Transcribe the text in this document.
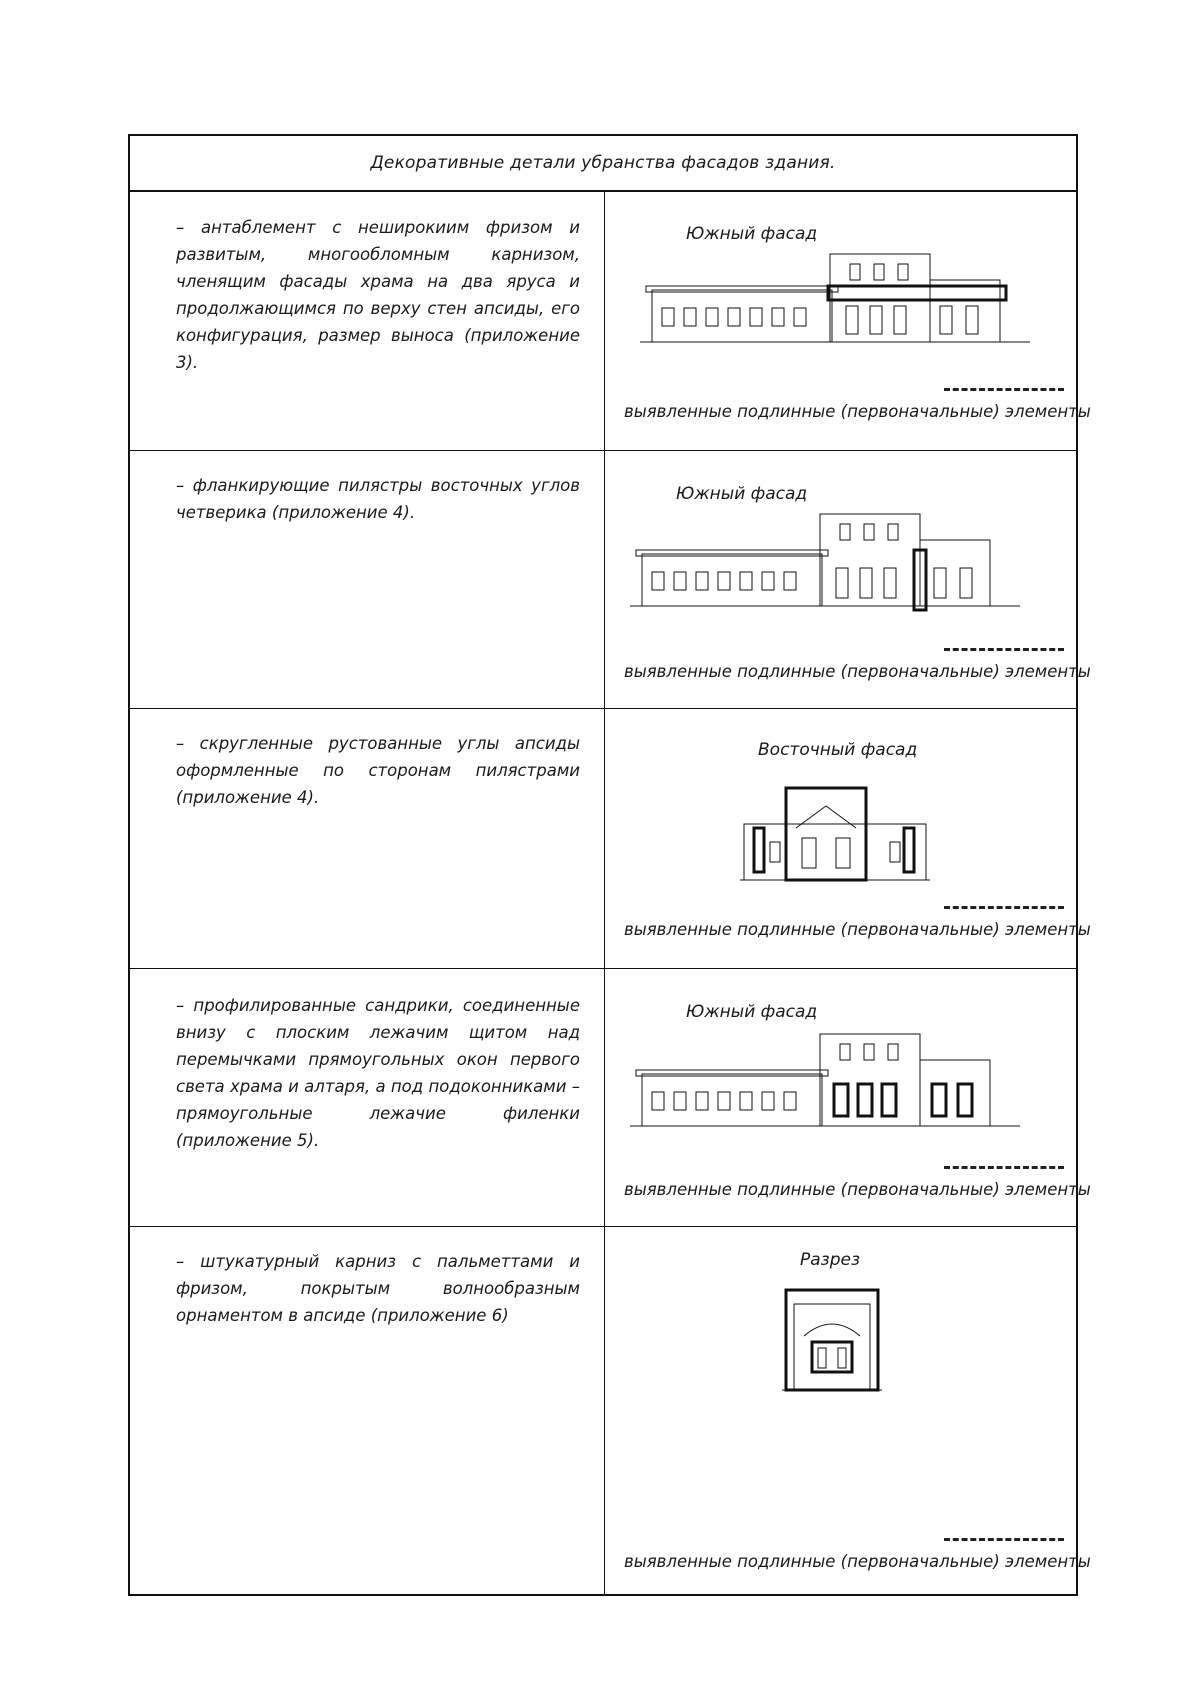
Декоративные детали убранства фасадов здания.
– антаблемент с неширокиим фризом и развитым, многообломным карнизом, членящим фасады храма на два яруса и продолжающимся по верху стен апсиды, его конфигурация, размер выноса (приложение 3).
Южный фасад
выявленные подлинные (первоначальные) элементы
– фланкирующие пилястры восточных углов четверика (приложение 4).
Южный фасад
выявленные подлинные (первоначальные) элементы
– скругленные рустованные углы апсиды оформленные по сторонам пилястрами (приложение 4).
Восточный фасад
выявленные подлинные (первоначальные) элементы
– профилированные сандрики, соединенные внизу с плоским лежачим щитом над перемычками прямоугольных окон первого света храма и алтаря, а под подоконниками – прямоугольные лежачие филенки (приложение 5).
Южный фасад
выявленные подлинные (первоначальные) элементы
– штукатурный карниз с пальметтами и фризом, покрытым волнообразным орнаментом в апсиде (приложение 6)
Разрез
выявленные подлинные (первоначальные) элементы
